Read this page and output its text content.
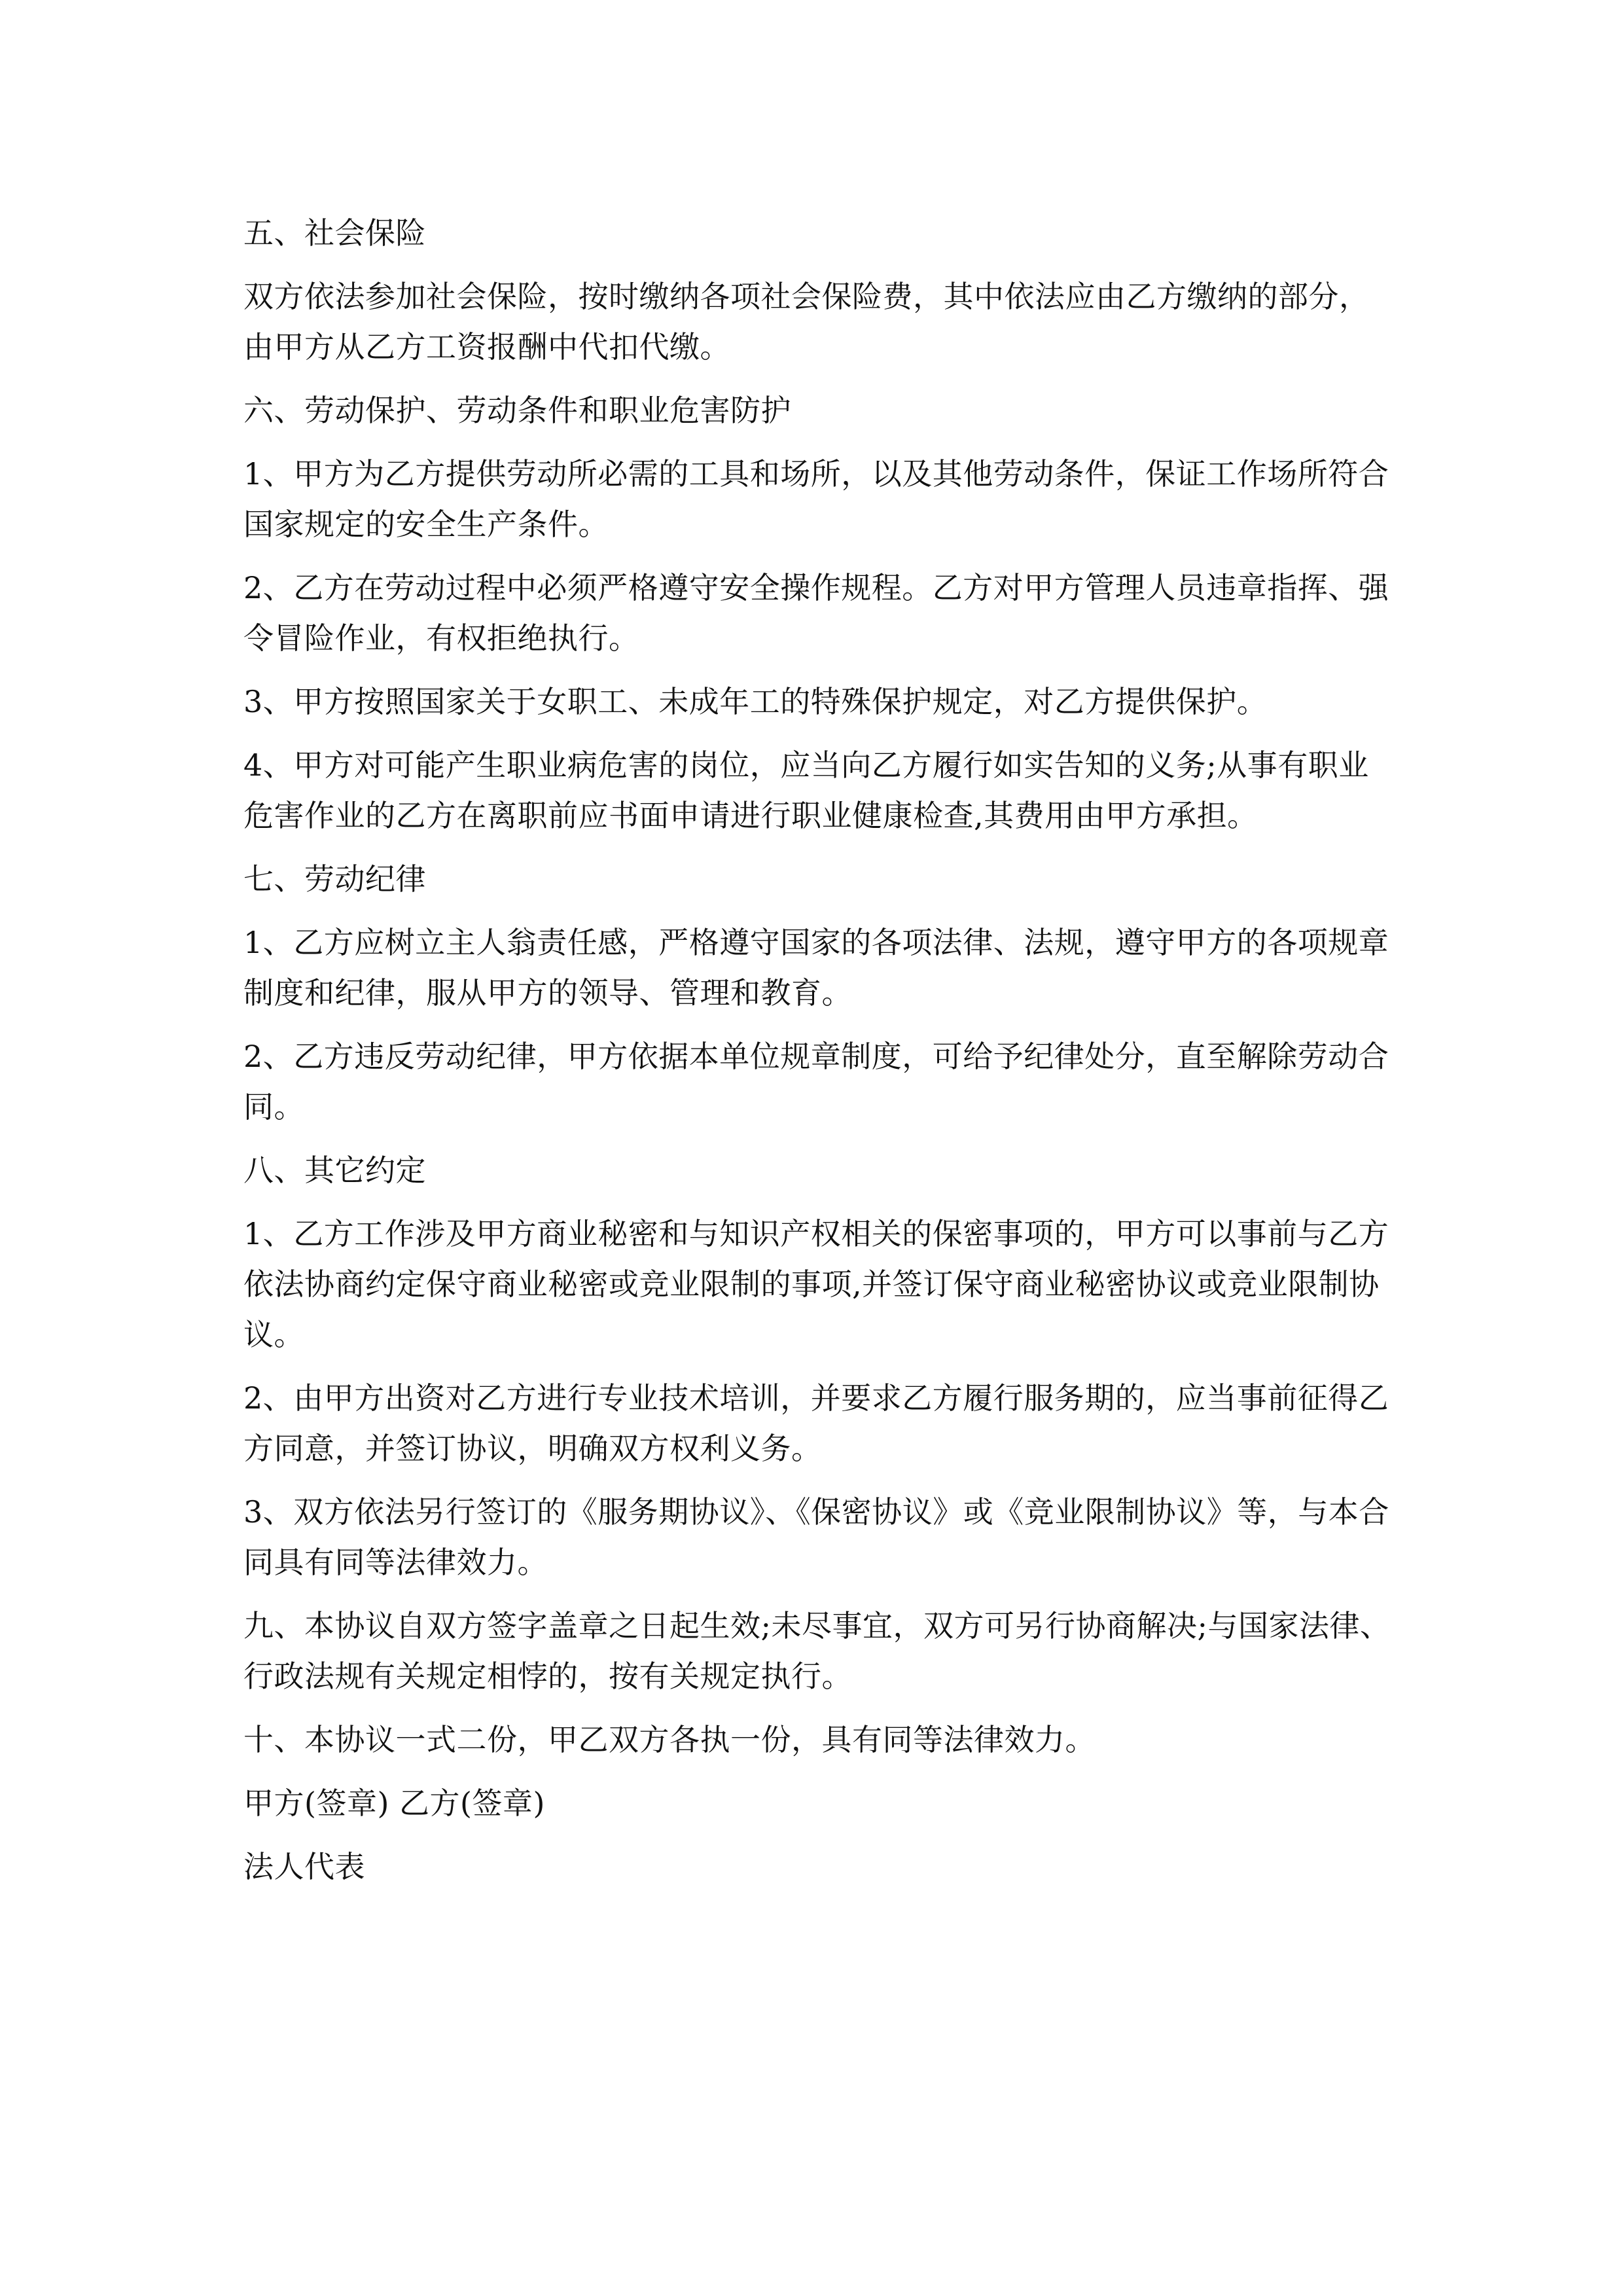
五、社会保险

双方依法参加社会保险，按时缴纳各项社会保险费，其中依法应由乙方缴纳的部分，由甲方从乙方工资报酬中代扣代缴。

六、劳动保护、劳动条件和职业危害防护

1、甲方为乙方提供劳动所必需的工具和场所，以及其他劳动条件，保证工作场所符合国家规定的安全生产条件。

2、乙方在劳动过程中必须严格遵守安全操作规程。乙方对甲方管理人员违章指挥、强令冒险作业，有权拒绝执行。

3、甲方按照国家关于女职工、未成年工的特殊保护规定，对乙方提供保护。

4、甲方对可能产生职业病危害的岗位，应当向乙方履行如实告知的义务;从事有职业危害作业的乙方在离职前应书面申请进行职业健康检查,其费用由甲方承担。

七、劳动纪律

1、乙方应树立主人翁责任感，严格遵守国家的各项法律、法规，遵守甲方的各项规章制度和纪律，服从甲方的领导、管理和教育。

2、乙方违反劳动纪律，甲方依据本单位规章制度，可给予纪律处分，直至解除劳动合同。

八、其它约定

1、乙方工作涉及甲方商业秘密和与知识产权相关的保密事项的，甲方可以事前与乙方依法协商约定保守商业秘密或竞业限制的事项,并签订保守商业秘密协议或竞业限制协议。

2、由甲方出资对乙方进行专业技术培训，并要求乙方履行服务期的，应当事前征得乙方同意，并签订协议，明确双方权利义务。

3、双方依法另行签订的《服务期协议》、《保密协议》或《竞业限制协议》等，与本合同具有同等法律效力。

九、本协议自双方签字盖章之日起生效;未尽事宜，双方可另行协商解决;与国家法律、行政法规有关规定相悖的，按有关规定执行。

十、本协议一式二份，甲乙双方各执一份，具有同等法律效力。

甲方(签章) 乙方(签章)

法人代表
